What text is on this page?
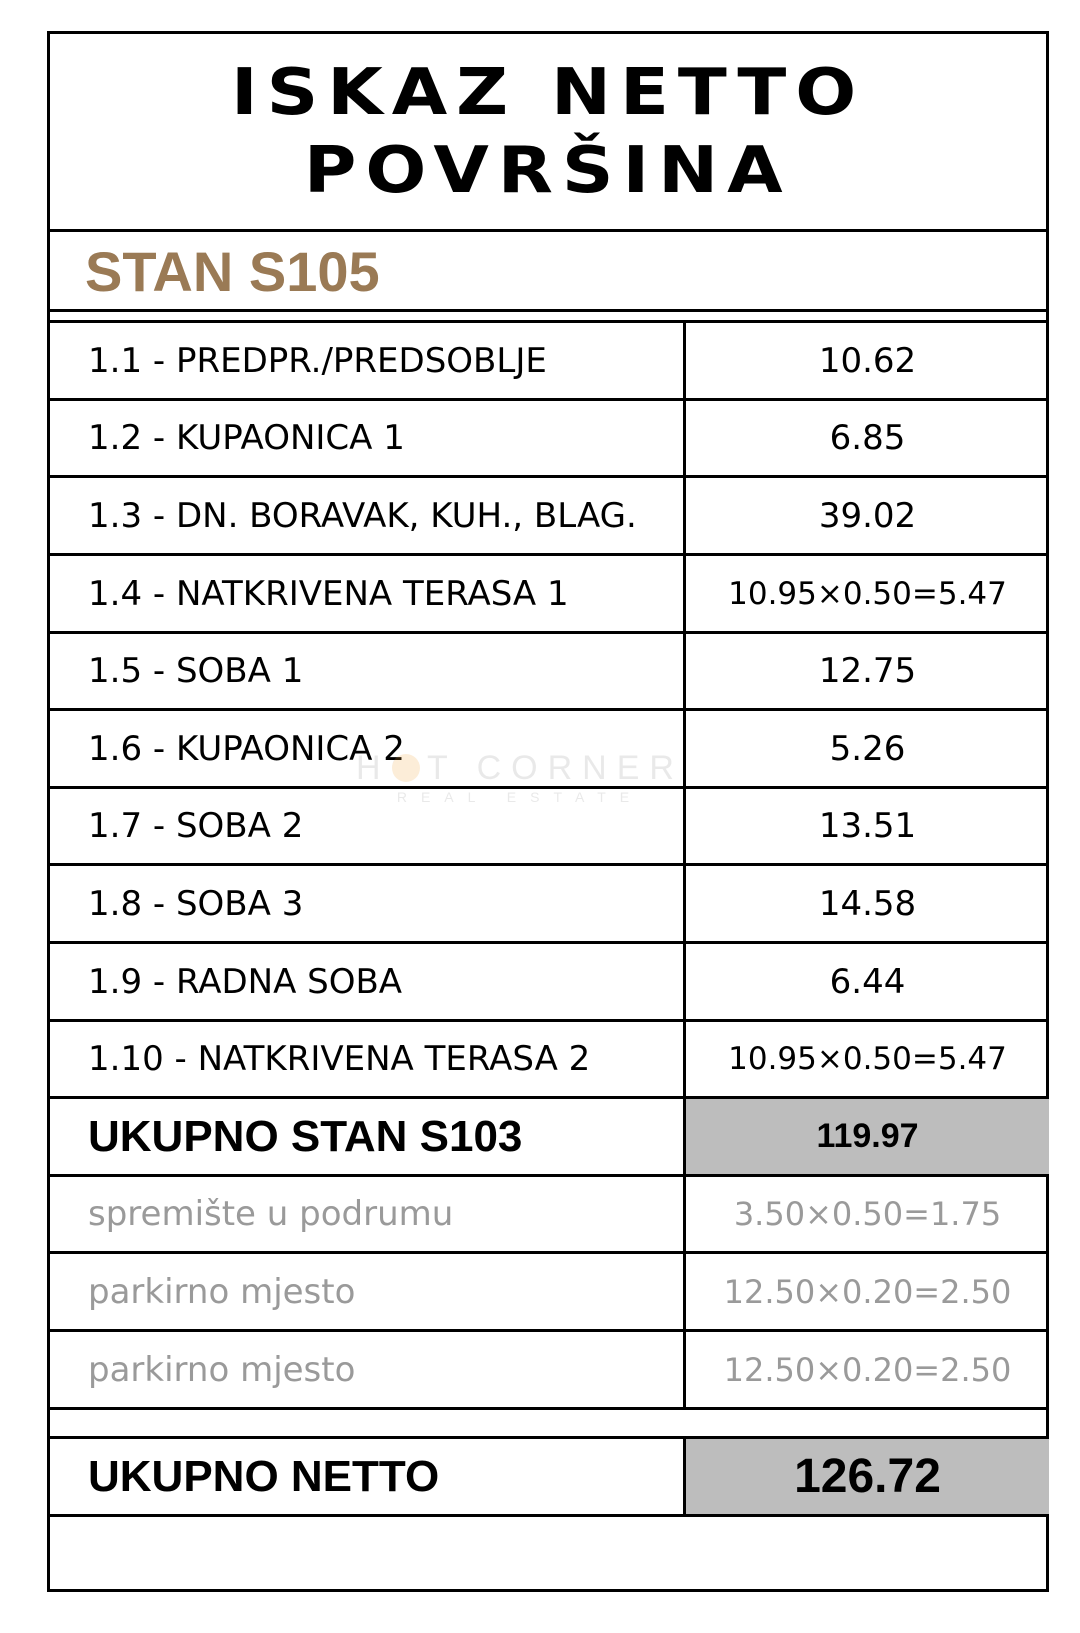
ISKAZ NETTO
POVRŠINA
STAN S105
1.1 - PREDPR./PREDSOBLJE	10.62
1.2 - KUPAONICA 1	6.85
1.3 - DN. BORAVAK, KUH., BLAG.	39.02
1.4 - NATKRIVENA TERASA 1	10.95×0.50=5.47
1.5 - SOBA 1	12.75
1.6 - KUPAONICA 2	5.26
1.7 - SOBA 2	13.51
1.8 - SOBA 3	14.58
1.9 - RADNA SOBA	6.44
1.10 - NATKRIVENA TERASA 2	10.95×0.50=5.47
UKUPNO STAN S103	119.97
spremište u podrumu	3.50×0.50=1.75
parkirno mjesto	12.50×0.20=2.50
parkirno mjesto	12.50×0.20=2.50
UKUPNO NETTO	126.72
